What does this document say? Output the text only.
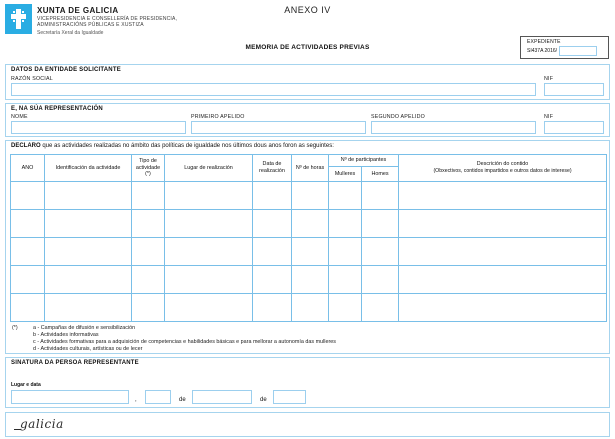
XUNTA DE GALICIA
VICEPRESIDENCIA E CONSELLERÍA DE PRESIDENCIA,
ADMINISTRACIÓNS PÚBLICAS E XUSTIZA
Secretaría Xeral da Igualdade
ANEXO IV
MEMORIA DE ACTIVIDADES PREVIAS
EXPEDIENTE
SI437A 2016/
DATOS DA ENTIDADE SOLICITANTE
RAZÓN SOCIAL	NIF
E, NA SÚA REPRESENTACIÓN
NOME	PRIMEIRO APELIDO	SEGUNDO APELIDO	NIF
DECLARO que as actividades realizadas no ámbito das políticas de igualdade nos últimos dous anos foron as seguintes:
ANO	Identificación da actividade	Tipo de actividade (*)	Lugar de realización	Data de realización	Nº de horas	Nº de participantes		Descrición do contido
(Obxectivos, contidos impartidos e outros datos de interese)

						Mulleres	Homes	

(*)	a - Campañas de difusión e sensibilización
b - Actividades informativas
c - Actividades formativas para a adquisición de competencias e habilidades básicas e para mellorar a autonomía das mulleres
d - Actividades culturais, artísticas ou de lecer
SINATURA DA PERSOA REPRESENTANTE
Lugar e data
,	de	de
galicia
